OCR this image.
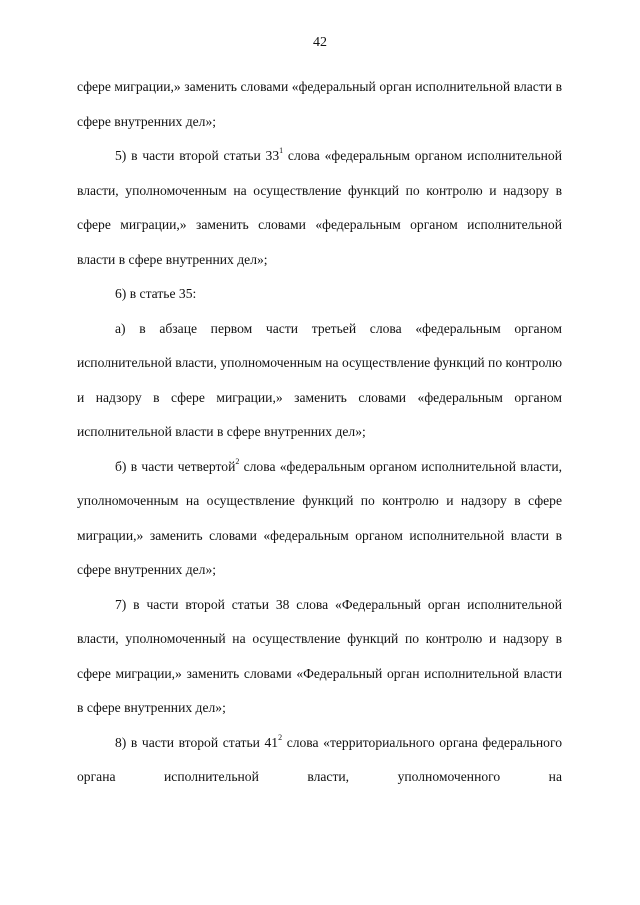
42

сфере миграции,» заменить словами «федеральный орган исполнительной власти в сфере внутренних дел»;

5) в части второй статьи $33^1$ слова «федеральным органом исполнительной власти, уполномоченным на осуществление функций по контролю и надзору в сфере миграции,» заменить словами «федеральным органом исполнительной власти в сфере внутренних дел»;

6) в статье 35:

а) в абзаце первом части третьей слова «федеральным органом исполнительной власти, уполномоченным на осуществление функций по контролю и надзору в сфере миграции,» заменить словами «федеральным органом исполнительной власти в сфере внутренних дел»;

б) в части четвертой$^2$ слова «федеральным органом исполнительной власти, уполномоченным на осуществление функций по контролю и надзору в сфере миграции,» заменить словами «федеральным органом исполнительной власти в сфере внутренних дел»;

7) в части второй статьи 38 слова «Федеральный орган исполнительной власти, уполномоченный на осуществление функций по контролю и надзору в сфере миграции,» заменить словами «Федеральный орган исполнительной власти в сфере внутренних дел»;

8) в части второй статьи $41^2$ слова «территориального органа федерального органа исполнительной власти, уполномоченного на
